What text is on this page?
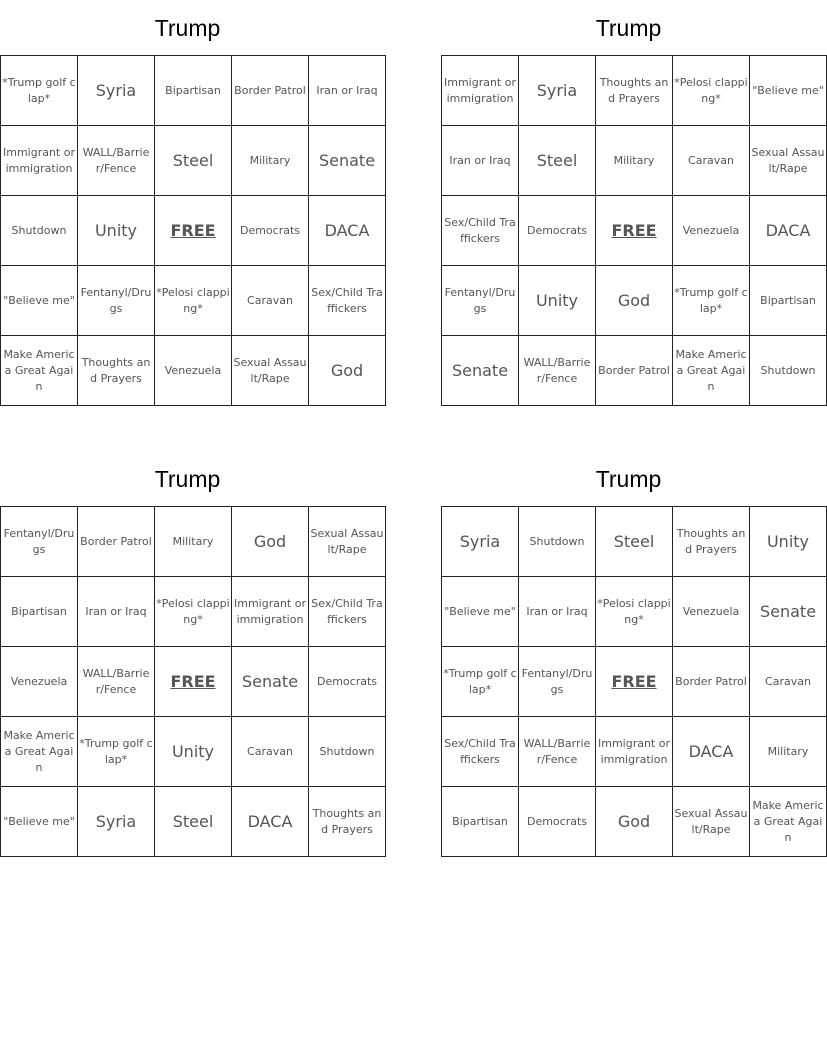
Trump
*Trump golf clap*	Syria	Bipartisan	Border Patrol	Iran or Iraq
Immigrant or immigration	WALL/Barrier/Fence	Steel	Military	Senate
Shutdown	Unity	FREE	Democrats	DACA
"Believe me"	Fentanyl/Drugs	*Pelosi clapping*	Caravan	Sex/Child Traffickers
Make America Great Again	Thoughts and Prayers	Venezuela	Sexual Assault/Rape	God
Trump
Immigrant or immigration	Syria	Thoughts and Prayers	*Pelosi clapping*	"Believe me"
Iran or Iraq	Steel	Military	Caravan	Sexual Assault/Rape
Sex/Child Traffickers	Democrats	FREE	Venezuela	DACA
Fentanyl/Drugs	Unity	God	*Trump golf clap*	Bipartisan
Senate	WALL/Barrier/Fence	Border Patrol	Make America Great Again	Shutdown
Trump
Fentanyl/Drugs	Border Patrol	Military	God	Sexual Assault/Rape
Bipartisan	Iran or Iraq	*Pelosi clapping*	Immigrant or immigration	Sex/Child Traffickers
Venezuela	WALL/Barrier/Fence	FREE	Senate	Democrats
Make America Great Again	*Trump golf clap*	Unity	Caravan	Shutdown
"Believe me"	Syria	Steel	DACA	Thoughts and Prayers
Trump
Syria	Shutdown	Steel	Thoughts and Prayers	Unity
"Believe me"	Iran or Iraq	*Pelosi clapping*	Venezuela	Senate
*Trump golf clap*	Fentanyl/Drugs	FREE	Border Patrol	Caravan
Sex/Child Traffickers	WALL/Barrier/Fence	Immigrant or immigration	DACA	Military
Bipartisan	Democrats	God	Sexual Assault/Rape	Make America Great Again
